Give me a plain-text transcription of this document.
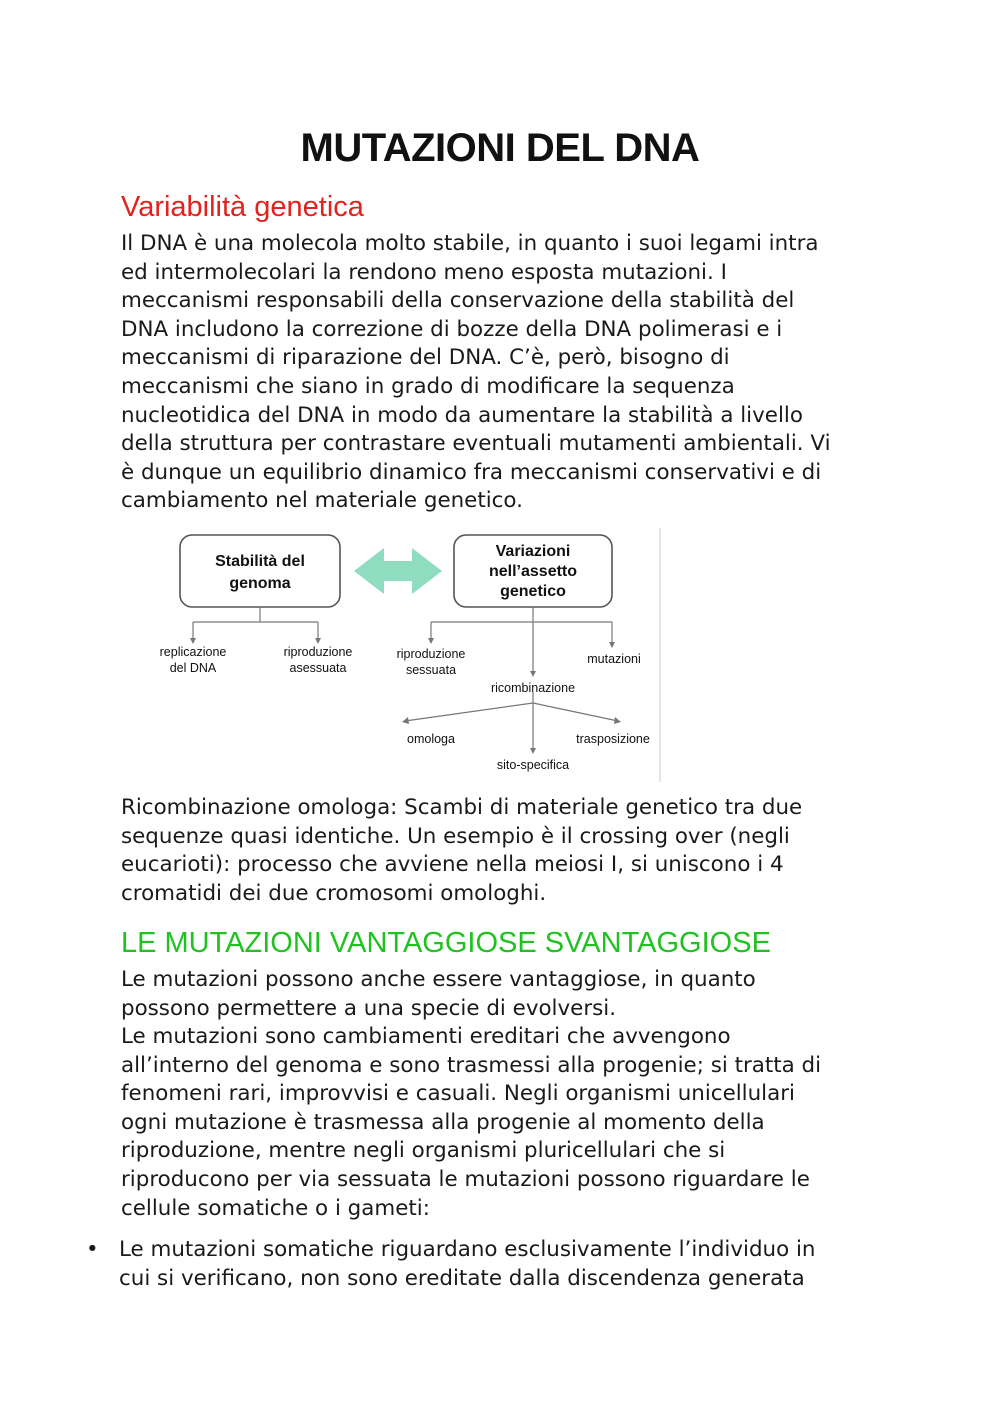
MUTAZIONI DEL DNA
Variabilità genetica

Il DNA è una molecola molto stabile, in quanto i suoi legami intra
ed intermolecolari la rendono meno esposta mutazioni. I
meccanismi responsabili della conservazione della stabilità del
DNA includono la correzione di bozze della DNA polimerasi e i
meccanismi di riparazione del DNA. C’è, però, bisogno di
meccanismi che siano in grado di modificare la sequenza
nucleotidica del DNA in modo da aumentare la stabilità a livello
della struttura per contrastare eventuali mutamenti ambientali. Vi
è dunque un equilibrio dinamico fra meccanismi conservativi e di
cambiamento nel materiale genetico.

Stabilità del
genoma
Variazioni
nell’assetto
genetico
replicazione
del DNA
riproduzione
asessuata
riproduzione
sessuata
mutazioni
ricombinazione
omologa	trasposizione
sito-specifica

Ricombinazione omologa: Scambi di materiale genetico tra due
sequenze quasi identiche. Un esempio è il crossing over (negli
eucarioti): processo che avviene nella meiosi I, si uniscono i 4
cromatidi dei due cromosomi omologhi.

LE MUTAZIONI VANTAGGIOSE SVANTAGGIOSE

Le mutazioni possono anche essere vantaggiose, in quanto
possono permettere a una specie di evolversi.

Le mutazioni sono cambiamenti ereditari che avvengono
all’interno del genoma e sono trasmessi alla progenie; si tratta di
fenomeni rari, improvvisi e casuali. Negli organismi unicellulari
ogni mutazione è trasmessa alla progenie al momento della
riproduzione, mentre negli organismi pluricellulari che si
riproducono per via sessuata le mutazioni possono riguardare le
cellule somatiche o i gameti:

• Le mutazioni somatiche riguardano esclusivamente l’individuo in
cui si verificano, non sono ereditate dalla discendenza generata
